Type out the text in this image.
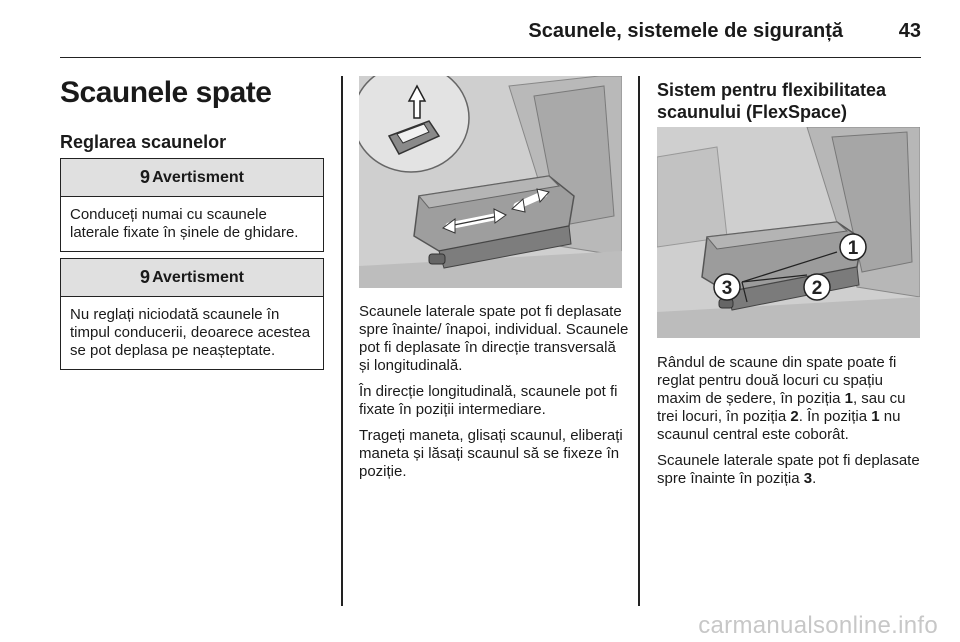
Scaunele, sistemele de siguranță	43
Scaunele spate
Reglarea scaunelor
9 Avertisment
Conduceți numai cu scaunele laterale fixate în șinele de ghidare.
9 Avertisment
Nu reglați niciodată scaunele în timpul conducerii, deoarece acestea se pot deplasa pe neașteptate.

Scaunele laterale spate pot fi deplasate spre înainte/ înapoi, individual. Scaunele pot fi deplasate în direcție transversală și longitudinală.

În direcție longitudinală, scaunele pot fi fixate în poziții intermediare.

Trageți maneta, glisați scaunul, eliberați maneta și lăsați scaunul să se fixeze în poziție.

Sistem pentru flexibilitatea scaunului (FlexSpace)
1
2
3

Rândul de scaune din spate poate fi reglat pentru două locuri cu spațiu maxim de ședere, în poziția 1, sau cu trei locuri, în poziția 2. În poziția 1 nu scaunul central este coborât.

Scaunele laterale spate pot fi deplasate spre înainte în poziția 3.

carmanualsonline.info
